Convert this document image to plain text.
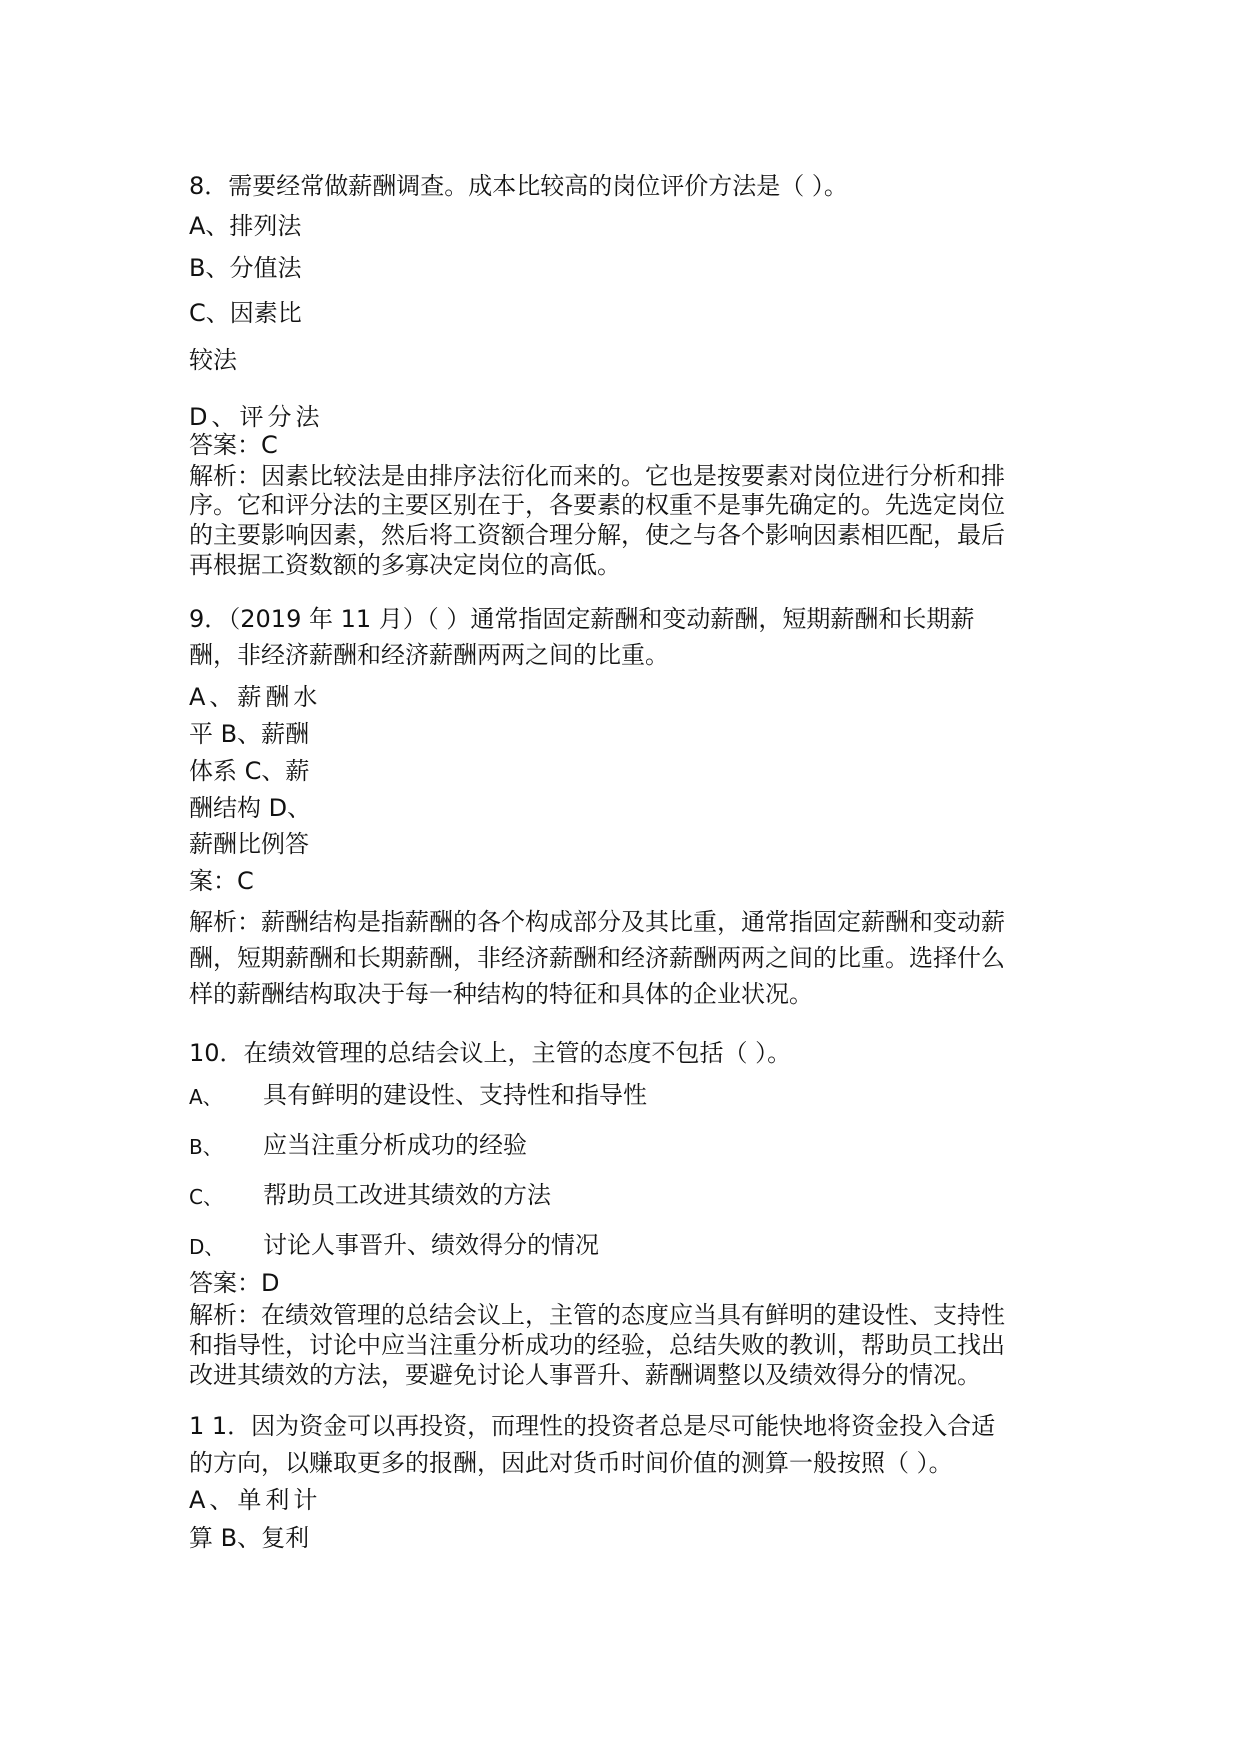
8．需要经常做薪酬调查。成本比较高的岗位评价方法是（ ）。

A、排列法

B、分值法

C、因素比

较法

D、评分法

答案：C

解析：因素比较法是由排序法衍化而来的。它也是按要素对岗位进行分析和排

序。它和评分法的主要区别在于，各要素的权重不是事先确定的。先选定岗位

的主要影响因素，然后将工资额合理分解，使之与各个影响因素相匹配，最后

再根据工资数额的多寡决定岗位的高低。

9．（2019 年 11 月）（ ）通常指固定薪酬和变动薪酬，短期薪酬和长期薪

酬，非经济薪酬和经济薪酬两两之间的比重。

A、薪酬水

平 B、薪酬

体系 C、薪

酬结构 D、

薪酬比例答

案：C

解析：薪酬结构是指薪酬的各个构成部分及其比重，通常指固定薪酬和变动薪

酬，短期薪酬和长期薪酬，非经济薪酬和经济薪酬两两之间的比重。选择什么

样的薪酬结构取决于每一种结构的特征和具体的企业状况。

10．在绩效管理的总结会议上，主管的态度不包括（ ）。

A、 具有鲜明的建设性、支持性和指导性
B、 应当注重分析成功的经验
C、 帮助员工改进其绩效的方法
D、 讨论人事晋升、绩效得分的情况

答案：D

解析：在绩效管理的总结会议上，主管的态度应当具有鲜明的建设性、支持性

和指导性，讨论中应当注重分析成功的经验，总结失败的教训，帮助员工找出

改进其绩效的方法，要避免讨论人事晋升、薪酬调整以及绩效得分的情况。

1 1．因为资金可以再投资，而理性的投资者总是尽可能快地将资金投入合适

的方向，以赚取更多的报酬，因此对货币时间价值的测算一般按照（ ）。

A、单利计

算 B、复利
